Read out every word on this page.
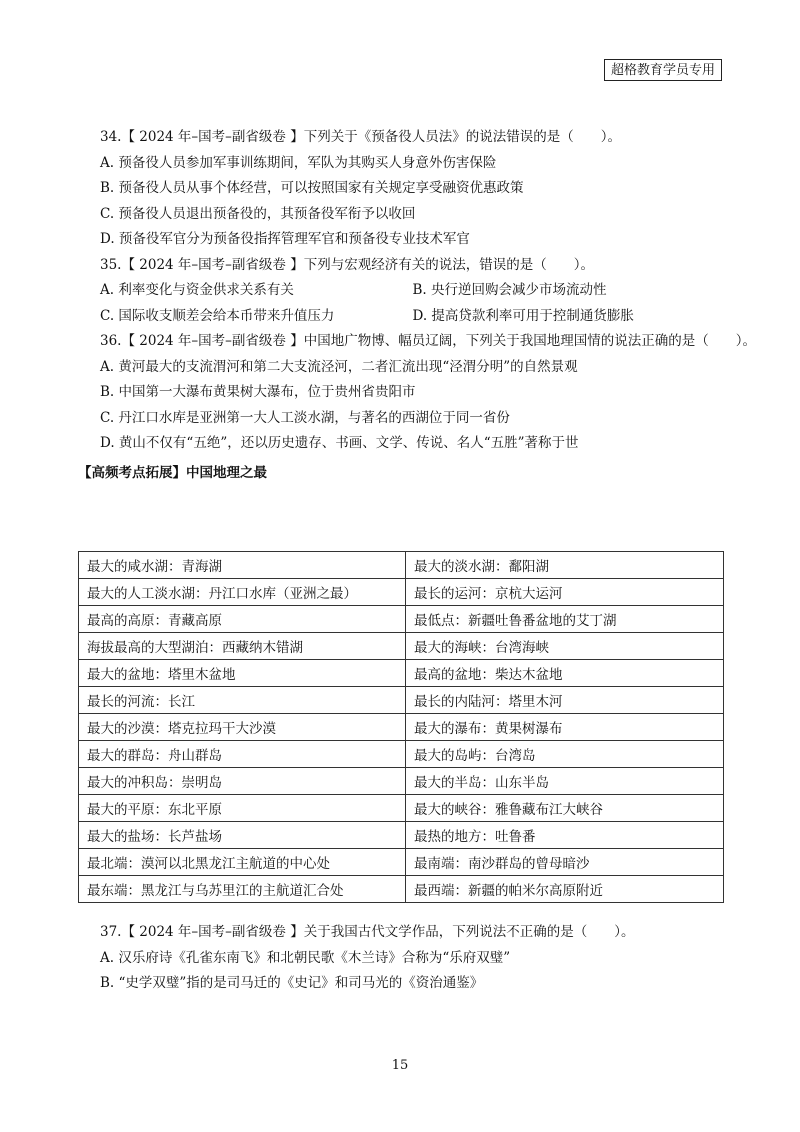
超格教育学员专用
34.【 2024 年–国考–副省级卷 】下列关于《预备役人员法》的说法错误的是（　　）。
A. 预备役人员参加军事训练期间，军队为其购买人身意外伤害保险
B. 预备役人员从事个体经营，可以按照国家有关规定享受融资优惠政策
C. 预备役人员退出预备役的，其预备役军衔予以收回
D. 预备役军官分为预备役指挥管理军官和预备役专业技术军官
35.【 2024 年–国考–副省级卷 】下列与宏观经济有关的说法，错误的是（　　）。
A. 利率变化与资金供求关系有关	B. 央行逆回购会减少市场流动性
C. 国际收支顺差会给本币带来升值压力	D. 提高贷款利率可用于控制通货膨胀
36.【 2024 年–国考–副省级卷 】中国地广物博、幅员辽阔，下列关于我国地理国情的说法正确的是（　　）。
A. 黄河最大的支流渭河和第二大支流泾河，二者汇流出现“泾渭分明”的自然景观
B. 中国第一大瀑布黄果树大瀑布，位于贵州省贵阳市
C. 丹江口水库是亚洲第一大人工淡水湖，与著名的西湖位于同一省份
D. 黄山不仅有“五绝”，还以历史遗存、书画、文学、传说、名人“五胜”著称于世
【高频考点拓展】中国地理之最
最大的咸水湖：青海湖	最大的淡水湖：鄱阳湖
最大的人工淡水湖：丹江口水库（亚洲之最）	最长的运河：京杭大运河
最高的高原：青藏高原	最低点：新疆吐鲁番盆地的艾丁湖
海拔最高的大型湖泊：西藏纳木错湖	最大的海峡：台湾海峡
最大的盆地：塔里木盆地	最高的盆地：柴达木盆地
最长的河流：长江	最长的内陆河：塔里木河
最大的沙漠：塔克拉玛干大沙漠	最大的瀑布：黄果树瀑布
最大的群岛：舟山群岛	最大的岛屿：台湾岛
最大的冲积岛：崇明岛	最大的半岛：山东半岛
最大的平原：东北平原	最大的峡谷：雅鲁藏布江大峡谷
最大的盐场：长芦盐场	最热的地方：吐鲁番
最北端：漠河以北黑龙江主航道的中心处	最南端：南沙群岛的曾母暗沙
最东端：黑龙江与乌苏里江的主航道汇合处	最西端：新疆的帕米尔高原附近
37.【 2024 年–国考–副省级卷 】关于我国古代文学作品，下列说法不正确的是（　　）。
A. 汉乐府诗《孔雀东南飞》和北朝民歌《木兰诗》合称为“乐府双璧”
B. “史学双璧”指的是司马迁的《史记》和司马光的《资治通鉴》
15
